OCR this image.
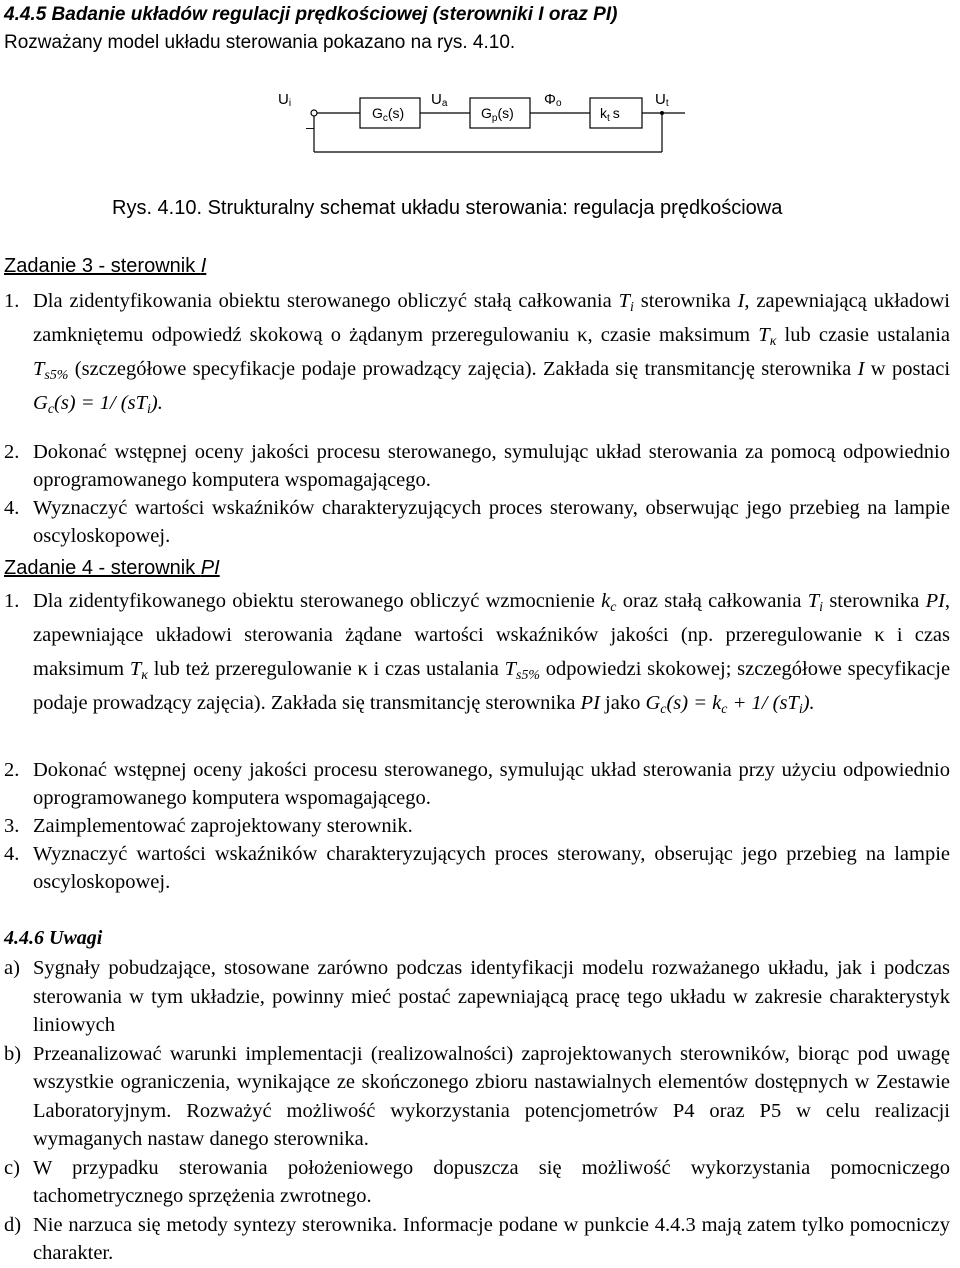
4.4.5 Badanie układów regulacji prędkościowej (sterowniki I oraz PI)
Rozważany model układu sterowania pokazano na rys. 4.10.
Ui	Ua	Φo	Ut
–
$G_c(s)$	$G_p(s)$	$k_t$ s
Rys. 4.10. Strukturalny schemat układu sterowania: regulacja prędkościowa
Zadanie 3 - sterownik I
1. Dla zidentyfikowania obiektu sterowanego obliczyć stałą całkowania $T_i$ sterownika I, zapewniającą układowi zamkniętemu odpowiedź skokową o żądanym przeregulowaniu κ, czasie maksimum $T_\kappa$ lub czasie ustalania $T_{s5\%}$ (szczegółowe specyfikacje podaje prowadzący zajęcia). Zakłada się transmitancję sterownika I w postaci $G_c(s) = 1/$ $(sT_i)$.
2. Dokonać wstępnej oceny jakości procesu sterowanego, symulując układ sterowania za pomocą odpowiednio oprogramowanego komputera wspomagającego.
4. Wyznaczyć wartości wskaźników charakteryzujących proces sterowany, obserwując jego przebieg na lampie oscyloskopowej.
Zadanie 4 - sterownik PI
1. Dla zidentyfikowanego obiektu sterowanego obliczyć wzmocnienie $k_c$ oraz stałą całkowania $T_i$ sterownika PI, zapewniające układowi sterowania żądane wartości wskaźników jakości (np. przeregulowanie κ i czas maksimum $T_\kappa$ lub też przeregulowanie κ i czas ustalania $T_{s5\%}$ odpowiedzi skokowej; szczegółowe specyfikacje podaje prowadzący zajęcia). Zakłada się transmitancję sterownika PI jako $G_c(s) = k_c + 1/$ $(sT_i)$.
2. Dokonać wstępnej oceny jakości procesu sterowanego, symulując układ sterowania przy użyciu odpowiednio oprogramowanego komputera wspomagającego.
3. Zaimplementować zaprojektowany sterownik.
4. Wyznaczyć wartości wskaźników charakteryzujących proces sterowany, obserując jego przebieg na lampie oscyloskopowej.
4.4.6 Uwagi
a) Sygnały pobudzające, stosowane zarówno podczas identyfikacji modelu rozważanego układu, jak i podczas sterowania w tym układzie, powinny mieć postać zapewniającą pracę tego układu w zakresie charakterystyk liniowych
b) Przeanalizować warunki implementacji (realizowalności) zaprojektowanych sterowników, biorąc pod uwagę wszystkie ograniczenia, wynikające ze skończonego zbioru nastawialnych elementów dostępnych w Zestawie Laboratoryjnym. Rozważyć możliwość wykorzystania potencjometrów P4 oraz P5 w celu realizacji wymaganych nastaw danego sterownika.
c) W przypadku sterowania położeniowego dopuszcza się możliwość wykorzystania pomocniczego tachometrycznego sprzężenia zwrotnego.
d) Nie narzuca się metody syntezy sterownika. Informacje podane w punkcie 4.4.3 mają zatem tylko pomocniczy charakter.
